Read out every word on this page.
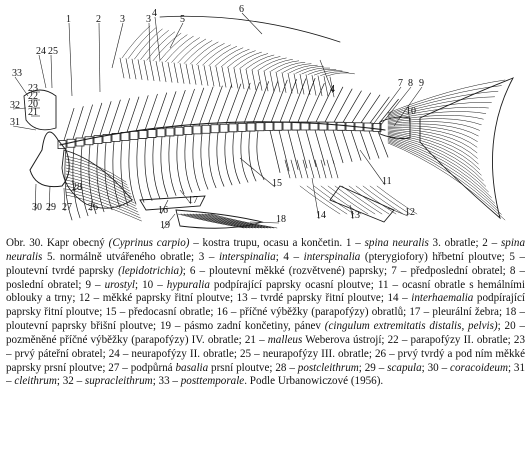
1	2 3 3
4
4
5
6
7 8 9
10
11
12
13
14
15
16
17
18
19
20
21
22
23
24 25
26
27
28
29
30
31
32
33
Obr. 30. Kapr obecný (Cyprinus carpio) – kostra trupu, ocasu a končetin. 1 – spina neuralis 3. obratle; 2 – spina neuralis 5. normálně utvářeného obratle; 3 – interspinalia; 4 – interspinalia (pterygiofory) hřbetní ploutve; 5 – ploutevní tvrdé paprsky (lepidotrichia); 6 – ploutevní měkké (rozvětvené) paprsky; 7 – předposlední obratel; 8 – poslední obratel; 9 – urostyl; 10 – hypuralia podpírající paprsky ocasní ploutve; 11 – ocasní obratle s hemálními oblouky a trny; 12 – měkké paprsky řitní ploutve; 13 – tvrdé paprsky řitní ploutve; 14 – interhaemalia podpírající paprsky řitní ploutve; 15 – předocasní obratle; 16 – příčné výběžky (parapofýzy) obratlů; 17 – pleurální žebra; 18 – ploutevní paprsky břišní ploutve; 19 – pásmo zadní končetiny, pánev (cingulum extremitatis distalis, pelvis); 20 – pozměněné příčné výběžky (parapofýzy) IV. obratle; 21 – malleus Weberova ústrojí; 22 – parapofýzy II. obratle; 23 – prvý páteřní obratel; 24 – neurapofýzy II. obratle; 25 – neurapofýzy III. obratle; 26 – prvý tvrdý a pod ním měkké paprsky prsní ploutve; 27 – podpůrná basalia prsní ploutve; 28 – postcleithrum; 29 – scapula; 30 – coracoideum; 31 – cleithrum; 32 – supracleithrum; 33 – posttemporale. Podle Urbanowiczové (1956).
